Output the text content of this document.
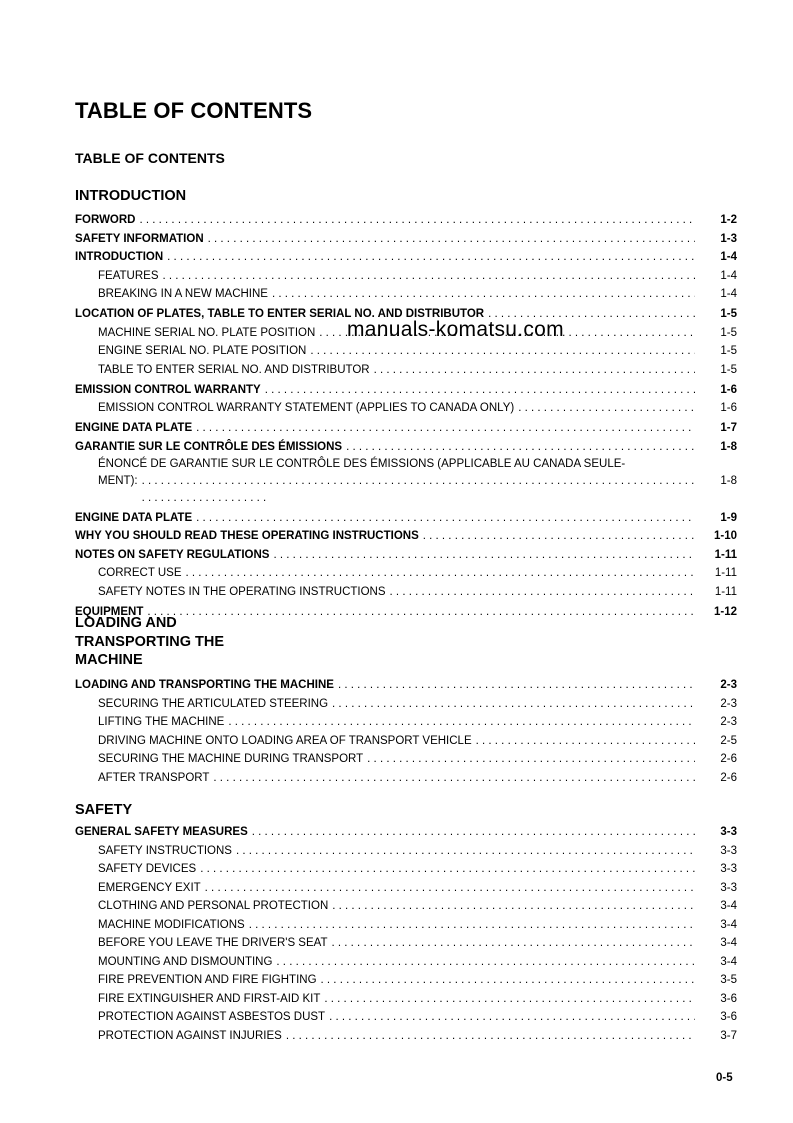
TABLE OF CONTENTS
TABLE OF CONTENTS
INTRODUCTION
FORWORD . . .	1-2
SAFETY INFORMATION . . .	1-3
INTRODUCTION . . .	1-4
FEATURES . . .	1-4
BREAKING IN A NEW MACHINE . . .	1-4
LOCATION OF PLATES, TABLE TO ENTER SERIAL NO. AND DISTRIBUTOR . . .	1-5
MACHINE SERIAL NO. PLATE POSITION . . .	1-5
ENGINE SERIAL NO. PLATE POSITION . . .	1-5
TABLE TO ENTER SERIAL NO. AND DISTRIBUTOR . . .	1-5
EMISSION CONTROL WARRANTY . . .	1-6
EMISSION CONTROL WARRANTY STATEMENT (APPLIES TO CANADA ONLY) . . .	1-6
ENGINE DATA PLATE . . .	1-7
GARANTIE SUR LE CONTRÔLE DES ÉMISSIONS . . .	1-8
ÉNONCÉ DE GARANTIE SUR LE CONTRÔLE DES ÉMISSIONS (APPLICABLE AU CANADA SEULE-
MENT): . . .	1-8
ENGINE DATA PLATE . . .	1-9
WHY YOU SHOULD READ THESE OPERATING INSTRUCTIONS . . .	1-10
NOTES ON SAFETY REGULATIONS . . .	1-11
CORRECT USE . . .	1-11
SAFETY NOTES IN THE OPERATING INSTRUCTIONS . . .	1-11
EQUIPMENT . . .	1-12
LOADING AND
TRANSPORTING THE
MACHINE
LOADING AND TRANSPORTING THE MACHINE . . .	2-3
SECURING THE ARTICULATED STEERING . . .	2-3
LIFTING THE MACHINE . . .	2-3
DRIVING MACHINE ONTO LOADING AREA OF TRANSPORT VEHICLE . . .	2-5
SECURING THE MACHINE DURING TRANSPORT . . .	2-6
AFTER TRANSPORT . . .	2-6
SAFETY
GENERAL SAFETY MEASURES . . .	3-3
SAFETY INSTRUCTIONS . . .	3-3
SAFETY DEVICES . . .	3-3
EMERGENCY EXIT . . .	3-3
CLOTHING AND PERSONAL PROTECTION . . .	3-4
MACHINE MODIFICATIONS . . .	3-4
BEFORE YOU LEAVE THE DRIVER'S SEAT . . .	3-4
MOUNTING AND DISMOUNTING . . .	3-4
FIRE PREVENTION AND FIRE FIGHTING . . .	3-5
FIRE EXTINGUISHER AND FIRST-AID KIT . . .	3-6
PROTECTION AGAINST ASBESTOS DUST . . .	3-6
PROTECTION AGAINST INJURIES . . .	3-7
manuals-komatsu.com
0-5
